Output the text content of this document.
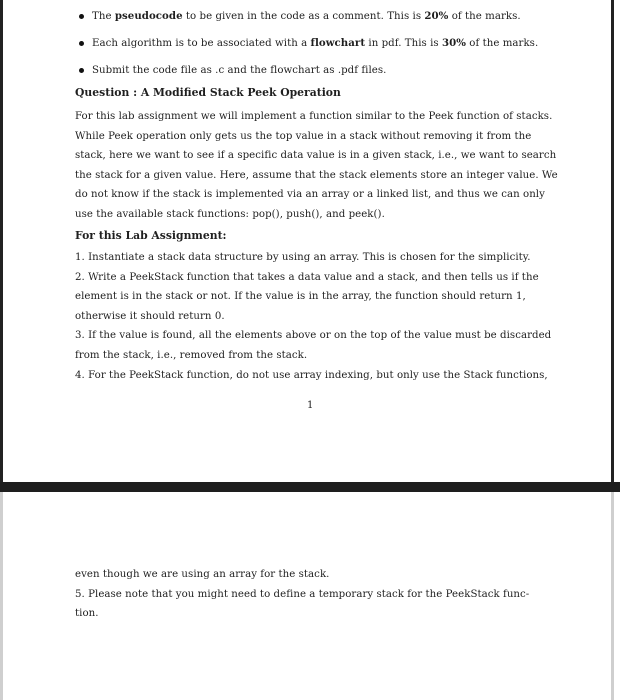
The pseudocode to be given in the code as a comment. This is 20% of the marks.
Each algorithm is to be associated with a flowchart in pdf. This is 30% of the marks.
Submit the code file as .c and the flowchart as .pdf files.
Question : A Modified Stack Peek Operation
For this lab assignment we will implement a function similar to the Peek function of stacks.
While Peek operation only gets us the top value in a stack without removing it from the
stack, here we want to see if a specific data value is in a given stack, i.e., we want to search
the stack for a given value. Here, assume that the stack elements store an integer value. We
do not know if the stack is implemented via an array or a linked list, and thus we can only
use the available stack functions: pop(), push(), and peek().
For this Lab Assignment:
1. Instantiate a stack data structure by using an array. This is chosen for the simplicity.
2. Write a PeekStack function that takes a data value and a stack, and then tells us if the
element is in the stack or not. If the value is in the array, the function should return 1,
otherwise it should return 0.
3. If the value is found, all the elements above or on the top of the value must be discarded
from the stack, i.e., removed from the stack.
4. For the PeekStack function, do not use array indexing, but only use the Stack functions,
1
even though we are using an array for the stack.
5. Please note that you might need to define a temporary stack for the PeekStack func-
tion.
